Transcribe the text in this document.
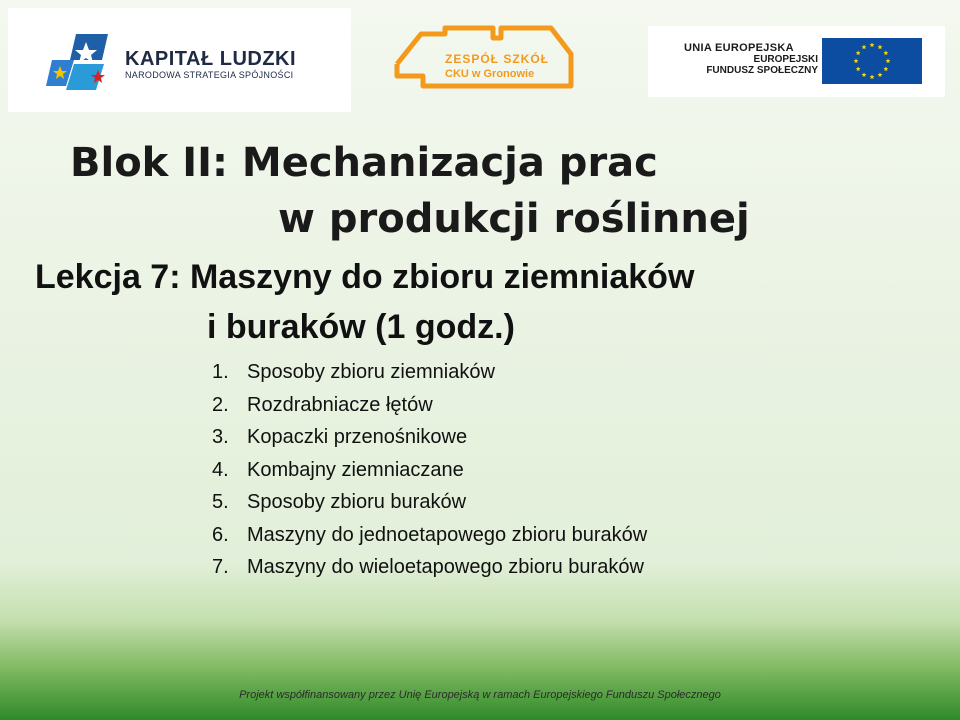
KAPITAŁ LUDZKI
NARODOWA STRATEGIA SPÓJNOŚCI
ZESPÓŁ SZKÓŁ
CKU w Gronowie
UNIA EUROPEJSKA
EUROPEJSKI
FUNDUSZ SPOŁECZNY
Blok II: Mechanizacja prac
w produkcji roślinnej
Lekcja 7: Maszyny do zbioru ziemniaków
i buraków (1 godz.)
1. Sposoby zbioru ziemniaków
2. Rozdrabniacze łętów
3. Kopaczki przenośnikowe
4. Kombajny ziemniaczane
5. Sposoby zbioru buraków
6. Maszyny do jednoetapowego zbioru buraków
7. Maszyny do wieloetapowego zbioru buraków
Projekt współfinansowany przez Unię Europejską w ramach Europejskiego Funduszu Społecznego
